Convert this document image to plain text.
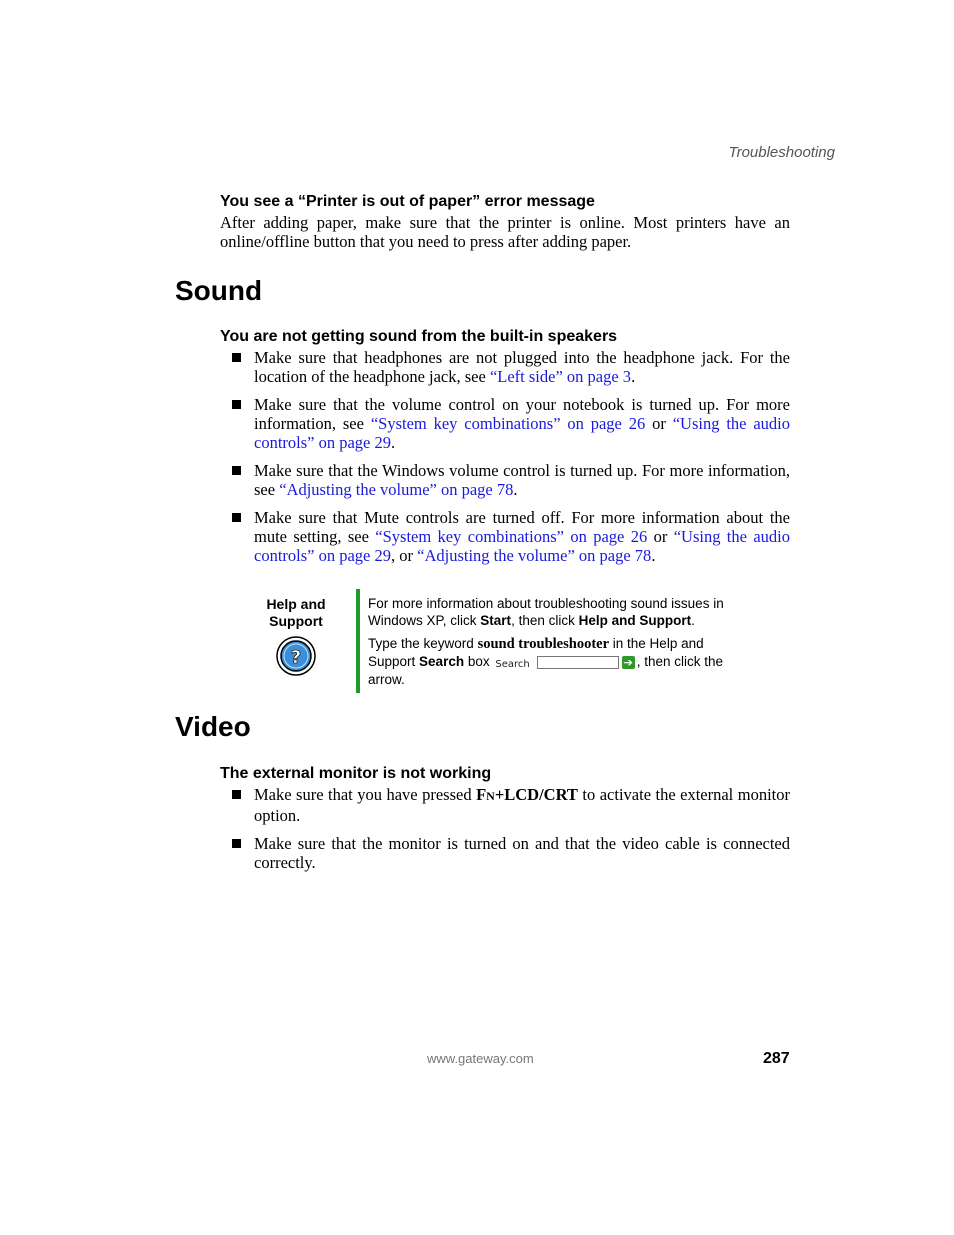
Troubleshooting
You see a “Printer is out of paper” error message

After adding paper, make sure that the printer is online. Most printers have an online/offline button that you need to press after adding paper.

Sound
You are not getting sound from the built-in speakers
Make sure that headphones are not plugged into the headphone jack. For the location of the headphone jack, see “Left side” on page 3.
Make sure that the volume control on your notebook is turned up. For more information, see “System key combinations” on page 26 or “Using the audio controls” on page 29.
Make sure that the Windows volume control is turned up. For more information, see “Adjusting the volume” on page 78.
Make sure that Mute controls are turned off. For more information about the mute setting, see “System key combinations” on page 26 or “Using the audio controls” on page 29, or “Adjusting the volume” on page 78.
Help and
Support
?

For more information about troubleshooting sound issues in Windows XP, click Start, then click Help and Support.

Type the keyword sound troubleshooter in the Help and Support Search box Search	➔ , then click the arrow.

Video
The external monitor is not working
Make sure that you have pressed FN+LCD/CRT to activate the external monitor option.
Make sure that the monitor is turned on and that the video cable is connected correctly.
www.gateway.com	287
